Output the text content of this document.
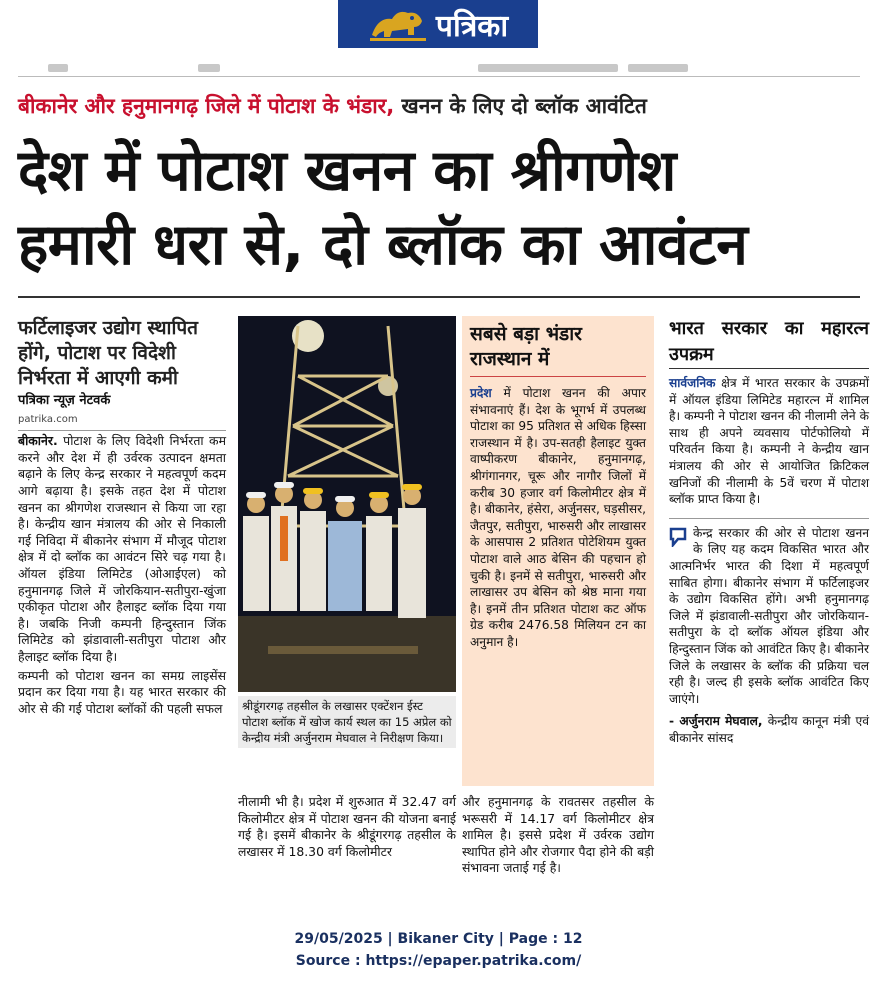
पत्रिका
बीकानेर और हनुमानगढ़ जिले में पोटाश के भंडार, खनन के लिए दो ब्लॉक आवंटित
देश में पोटाश खनन का श्रीगणेश
हमारी धरा से, दो ब्लॉक का आवंटन

फर्टिलाइजर उद्योग स्थापित होंगे, पोटाश पर विदेशी निर्भरता में आएगी कमी

पत्रिका न्यूज़ नेटवर्क

patrika.com

बीकानेर. पोटाश के लिए विदेशी निर्भरता कम करने और देश में ही उर्वरक उत्पादन क्षमता बढ़ाने के लिए केन्द्र सरकार ने महत्वपूर्ण कदम आगे बढ़ाया है। इसके तहत देश में पोटाश खनन का श्रीगणेश राजस्थान से किया जा रहा है। केन्द्रीय खान मंत्रालय की ओर से निकाली गई निविदा में बीकानेर संभाग में मौजूद पोटाश क्षेत्र में दो ब्लॉक का आवंटन सिरे चढ़ गया है। ऑयल इंडिया लिमिटेड (ओआईएल) को हनुमानगढ़ जिले में जोरकियान-सतीपुरा-खुंजा एकीकृत पोटाश और हैलाइट ब्लॉक दिया गया है। जबकि निजी कम्पनी हिन्दुस्तान जिंक लिमिटेड को झंडावाली-सतीपुरा पोटाश और हैलाइट ब्लॉक दिया है।

कम्पनी को पोटाश खनन का समग्र लाइसेंस प्रदान कर दिया गया है। यह भारत सरकार की ओर से की गई पोटाश ब्लॉकों की पहली सफल	श्रीडूंगरगढ़ तहसील के लखासर एक्टेंशन ईस्ट पोटाश ब्लॉक में खोज कार्य स्थल का 15 अप्रेल को केन्द्रीय मंत्री अर्जुनराम मेघवाल ने निरीक्षण किया।
नीलामी भी है। प्रदेश में शुरुआत में 32.47 वर्ग किलोमीटर क्षेत्र में पोटाश खनन की योजना बनाई गई है। इसमें बीकानेर के श्रीडूंगरगढ़ तहसील के लखासर में 18.30 वर्ग किलोमीटर

सबसे बड़ा भंडार राजस्थान में

प्रदेश में पोटाश खनन की अपार संभावनाएं हैं। देश के भूगर्भ में उपलब्ध पोटाश का 95 प्रतिशत से अधिक हिस्सा राजस्थान में है। उप-सतही हैलाइट युक्त वाष्पीकरण बीकानेर, हनुमानगढ़, श्रीगंगानगर, चूरू और नागौर जिलों में करीब 30 हजार वर्ग किलोमीटर क्षेत्र में है। बीकानेर, हंसेरा, अर्जुनसर, घड़सीसर, जैतपुर, सतीपुरा, भारुसरी और लाखासर के आसपास 2 प्रतिशत पोटेशियम युक्त पोटाश वाले आठ बेसिन की पहचान हो चुकी है। इनमें से सतीपुरा, भारुसरी और लाखासर उप बेसिन को श्रेष्ठ माना गया है। इनमें तीन प्रतिशत पोटाश कट ऑफ ग्रेड करीब 2476.58 मिलियन टन का अनुमान है।

और हनुमानगढ़ के रावतसर तहसील के भरूसरी में 14.17 वर्ग किलोमीटर क्षेत्र शामिल है। इससे प्रदेश में उर्वरक उद्योग स्थापित होने और रोजगार पैदा होने की बड़ी संभावना जताई गई है।

भारत सरकार का महारत्न उपक्रम

सार्वजनिक क्षेत्र में भारत सरकार के उपक्रमों में ऑयल इंडिया लिमिटेड महारत्न में शामिल है। कम्पनी ने पोटाश खनन की नीलामी लेने के साथ ही अपने व्यवसाय पोर्टफोलियो में परिवर्तन किया है। कम्पनी ने केन्द्रीय खान मंत्रालय की ओर से आयोजित क्रिटिकल खनिजों की नीलामी के 5वें चरण में पोटाश ब्लॉक प्राप्त किया है।

केन्द्र सरकार की ओर से पोटाश खनन के लिए यह कदम विकसित भारत और आत्मनिर्भर भारत की दिशा में महत्वपूर्ण साबित होगा। बीकानेर संभाग में फर्टिलाइजर के उद्योग विकसित होंगे। अभी हनुमानगढ़ जिले में झंडावाली-सतीपुरा और जोरकियान-सतीपुरा के दो ब्लॉक ऑयल इंडिया और हिन्दुस्तान जिंक को आवंटित किए है। बीकानेर जिले के लखासर के ब्लॉक की प्रक्रिया चल रही है। जल्द ही इसके ब्लॉक आवंटित किए जाएंगे।
- अर्जुनराम मेघवाल, केन्द्रीय कानून मंत्री एवं बीकानेर सांसद
29/05/2025 | Bikaner City | Page : 12
Source : https://epaper.patrika.com/
